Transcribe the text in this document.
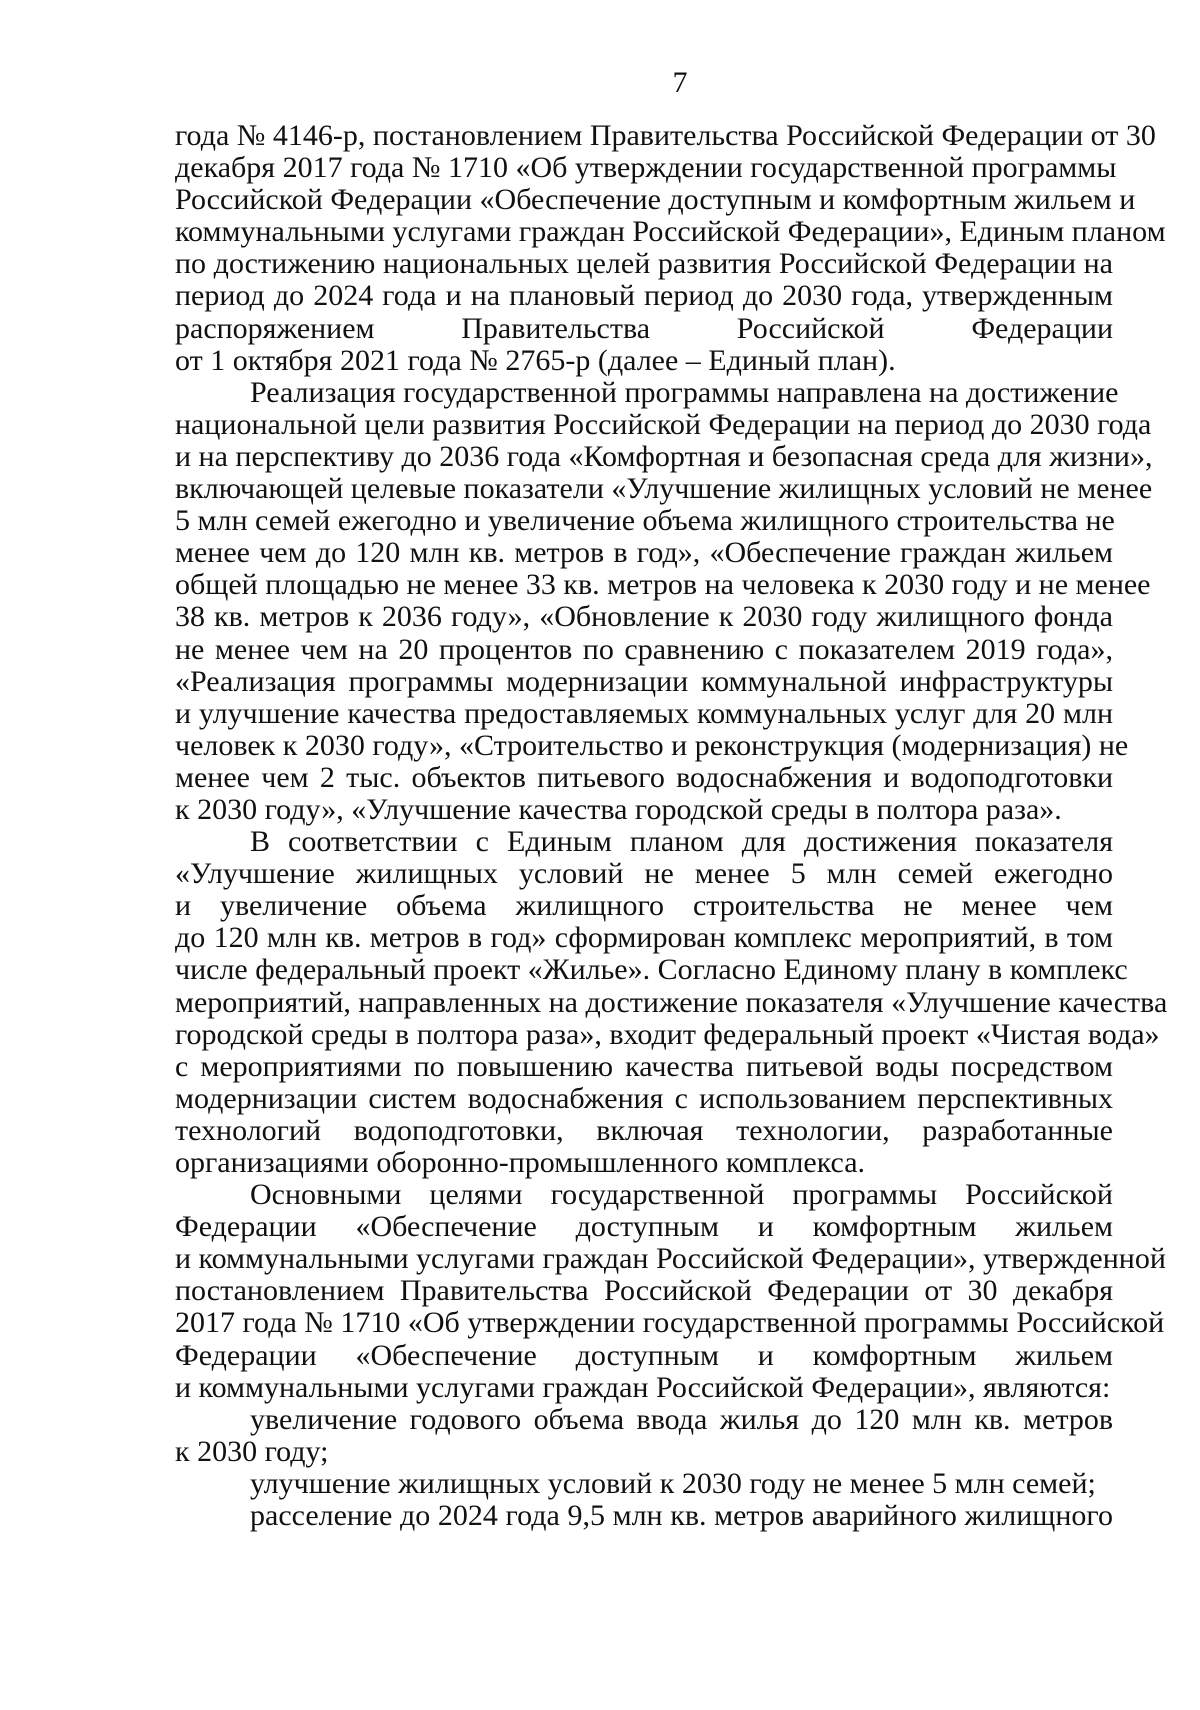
7
года № 4146-р, постановлением Правительства Российской Федерации от 30
декабря 2017 года № 1710 «Об утверждении государственной программы
Российской Федерации «Обеспечение доступным и комфортным жильем и
коммунальными услугами граждан Российской Федерации», Единым планом
по достижению национальных целей развития Российской Федерации на
период до 2024 года и на плановый период до 2030 года, утвержденным
распоряжением Правительства Российской Федерации
от 1 октября 2021 года № 2765-р (далее – Единый план).
Реализация государственной программы направлена на достижение
национальной цели развития Российской Федерации на период до 2030 года
и на перспективу до 2036 года «Комфортная и безопасная среда для жизни»,
включающей целевые показатели «Улучшение жилищных условий не менее
5 млн семей ежегодно и увеличение объема жилищного строительства не
менее чем до 120 млн кв. метров в год», «Обеспечение граждан жильем
общей площадью не менее 33 кв. метров на человека к 2030 году и не менее
38 кв. метров к 2036 году», «Обновление к 2030 году жилищного фонда
не менее чем на 20 процентов по сравнению с показателем 2019 года»,
«Реализация программы модернизации коммунальной инфраструктуры
и улучшение качества предоставляемых коммунальных услуг для 20 млн
человек к 2030 году», «Строительство и реконструкция (модернизация) не
менее чем 2 тыс. объектов питьевого водоснабжения и водоподготовки
к 2030 году», «Улучшение качества городской среды в полтора раза».
В соответствии с Единым планом для достижения показателя
«Улучшение жилищных условий не менее 5 млн семей ежегодно
и увеличение объема жилищного строительства не менее чем
до 120 млн кв. метров в год» сформирован комплекс мероприятий, в том
числе федеральный проект «Жилье». Согласно Единому плану в комплекс
мероприятий, направленных на достижение показателя «Улучшение качества
городской среды в полтора раза», входит федеральный проект «Чистая вода»
с мероприятиями по повышению качества питьевой воды посредством
модернизации систем водоснабжения с использованием перспективных
технологий водоподготовки, включая технологии, разработанные
организациями оборонно-промышленного комплекса.
Основными целями государственной программы Российской
Федерации «Обеспечение доступным и комфортным жильем
и коммунальными услугами граждан Российской Федерации», утвержденной
постановлением Правительства Российской Федерации от 30 декабря
2017 года № 1710 «Об утверждении государственной программы Российской
Федерации «Обеспечение доступным и комфортным жильем
и коммунальными услугами граждан Российской Федерации», являются:
увеличение годового объема ввода жилья до 120 млн кв. метров
к 2030 году;
улучшение жилищных условий к 2030 году не менее 5 млн семей;
расселение до 2024 года 9,5 млн кв. метров аварийного жилищного
